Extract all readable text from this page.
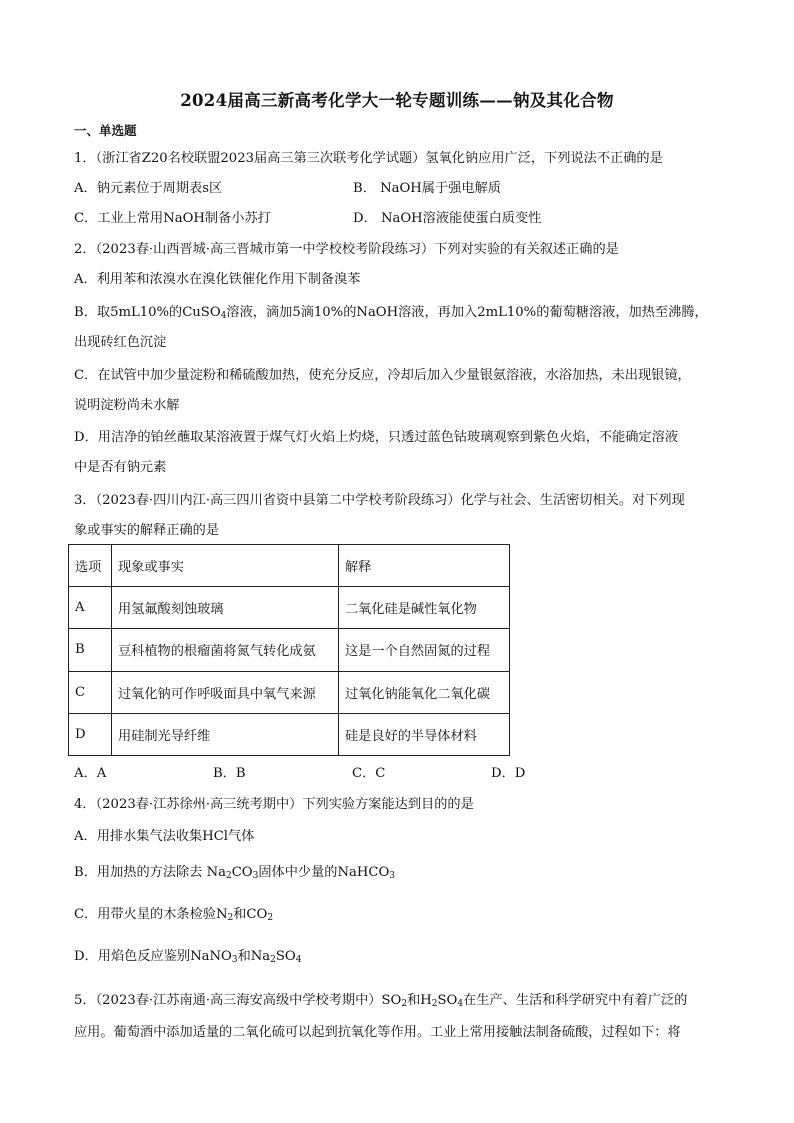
2024届高三新高考化学大一轮专题训练——钠及其化合物
一、单选题
1．（浙江省Z20名校联盟2023届高三第三次联考化学试题）氢氧化钠应用广泛，下列说法不正确的是
A．钠元素位于周期表s区	B． NaOH属于强电解质
C．工业上常用NaOH制备小苏打	D． NaOH溶液能使蛋白质变性
2．（2023春·山西晋城·高三晋城市第一中学校校考阶段练习）下列对实验的有关叙述正确的是
A．利用苯和浓溴水在溴化铁催化作用下制备溴苯
B．取5mL10%的CuSO$_4$溶液，滴加5滴10%的NaOH溶液，再加入2mL10%的葡萄糖溶液，加热至沸腾，
出现砖红色沉淀
C．在试管中加少量淀粉和稀硫酸加热，使充分反应，冷却后加入少量银氨溶液，水浴加热，未出现银镜，
说明淀粉尚未水解
D．用洁净的铂丝蘸取某溶液置于煤气灯火焰上灼烧，只透过蓝色钴玻璃观察到紫色火焰，不能确定溶液
中是否有钠元素
3．（2023春·四川内江·高三四川省资中县第二中学校考阶段练习）化学与社会、生活密切相关。对下列现
象或事实的解释正确的是
选项	现象或事实	解释
A	用氢氟酸刻蚀玻璃	二氧化硅是碱性氧化物
B	豆科植物的根瘤菌将氮气转化成氨	这是一个自然固氮的过程
C	过氧化钠可作呼吸面具中氧气来源	过氧化钠能氧化二氧化碳
D	用硅制光导纤维	硅是良好的半导体材料
A．A	B．B	C．C	D．D
4．（2023春·江苏徐州·高三统考期中）下列实验方案能达到目的的是
A．用排水集气法收集HCl气体
B．用加热的方法除去 $Na_2CO_3$固体中少量的NaHCO$_3$
C．用带火星的木条检验$N_2$和$CO_2$
D．用焰色反应鉴别NaNO$_3$和$Na_2SO_4$
5．（2023春·江苏南通·高三海安高级中学校考期中）$SO_2$和$H_2SO_4$在生产、生活和科学研究中有着广泛的
应用。葡萄酒中添加适量的二氧化硫可以起到抗氧化等作用。工业上常用接触法制备硫酸，过程如下：将
